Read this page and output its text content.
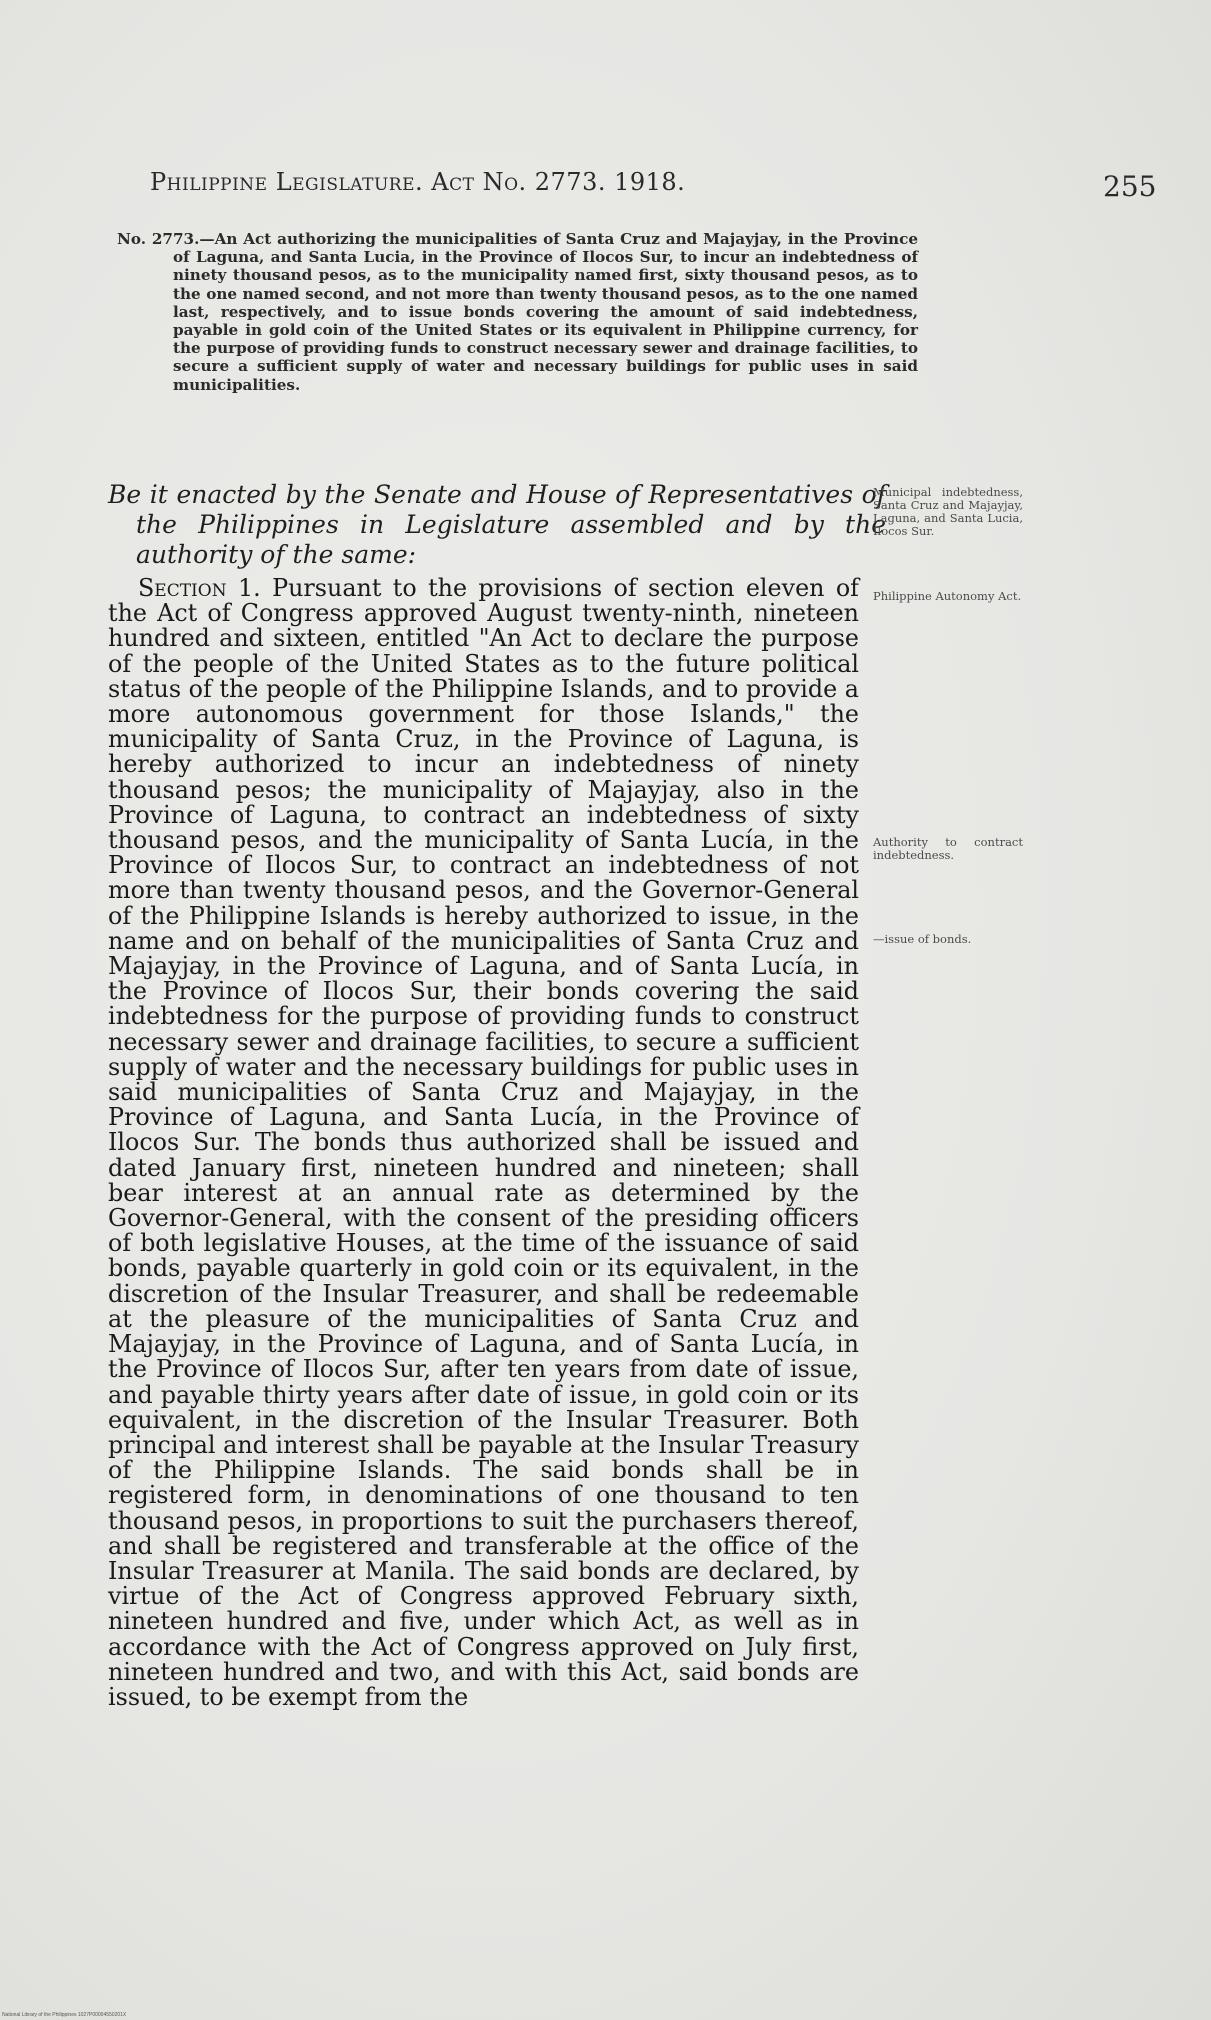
Philippine Legislature. Act No. 2773. 1918.	255
No. 2773.—An Act authorizing the municipalities of Santa Cruz and Majayjay, in the Province of Laguna, and Santa Lucia, in the Province of Ilocos Sur, to incur an indebtedness of ninety thousand pesos, as to the municipality named first, sixty thousand pesos, as to the one named second, and not more than twenty thousand pesos, as to the one named last, respectively, and to issue bonds covering the amount of said indebtedness, payable in gold coin of the United States or its equivalent in Philippine currency, for the purpose of providing funds to construct necessary sewer and drainage facilities, to secure a sufficient supply of water and necessary buildings for public uses in said municipalities.
Be it enacted by the Senate and House of Representatives of the Philippines in Legislature assembled and by the authority of the same:
Section 1. Pursuant to the provisions of section eleven of the Act of Congress approved August twenty-ninth, nineteen hundred and sixteen, entitled "An Act to declare the purpose of the people of the United States as to the future political status of the people of the Philippine Islands, and to provide a more autonomous government for those Islands," the municipality of Santa Cruz, in the Province of Laguna, is hereby authorized to incur an indebtedness of ninety thousand pesos; the municipality of Majayjay, also in the Province of Laguna, to contract an indebtedness of sixty thousand pesos, and the municipality of Santa Lucía, in the Province of Ilocos Sur, to contract an indebtedness of not more than twenty thousand pesos, and the Governor-General of the Philippine Islands is hereby authorized to issue, in the name and on behalf of the municipalities of Santa Cruz and Majayjay, in the Province of Laguna, and of Santa Lucía, in the Province of Ilocos Sur, their bonds covering the said indebtedness for the purpose of providing funds to construct necessary sewer and drainage facilities, to secure a sufficient supply of water and the necessary buildings for public uses in said municipalities of Santa Cruz and Majayjay, in the Province of Laguna, and Santa Lucía, in the Province of Ilocos Sur. The bonds thus authorized shall be issued and dated January first, nineteen hundred and nineteen; shall bear interest at an annual rate as determined by the Governor-General, with the consent of the presiding officers of both legislative Houses, at the time of the issuance of said bonds, payable quarterly in gold coin or its equivalent, in the discretion of the Insular Treasurer, and shall be redeemable at the pleasure of the municipalities of Santa Cruz and Majayjay, in the Province of Laguna, and of Santa Lucía, in the Province of Ilocos Sur, after ten years from date of issue, and payable thirty years after date of issue, in gold coin or its equivalent, in the discretion of the Insular Treasurer. Both principal and interest shall be payable at the Insular Treasury of the Philippine Islands. The said bonds shall be in registered form, in denominations of one thousand to ten thousand pesos, in proportions to suit the purchasers thereof, and shall be registered and transferable at the office of the Insular Treasurer at Manila. The said bonds are declared, by virtue of the Act of Congress approved February sixth, nineteen hundred and five, under which Act, as well as in accordance with the Act of Congress approved on July first, nineteen hundred and two, and with this Act, said bonds are issued, to be exempt from the
Municipal indebtedness, Santa Cruz and Majayjay, Laguna, and Santa Lucia, Ilocos Sur.
Philippine Autonomy Act.
Authority to contract indebtedness.
—issue of bonds.
National Library of the Philippines 1027P00004550201X
